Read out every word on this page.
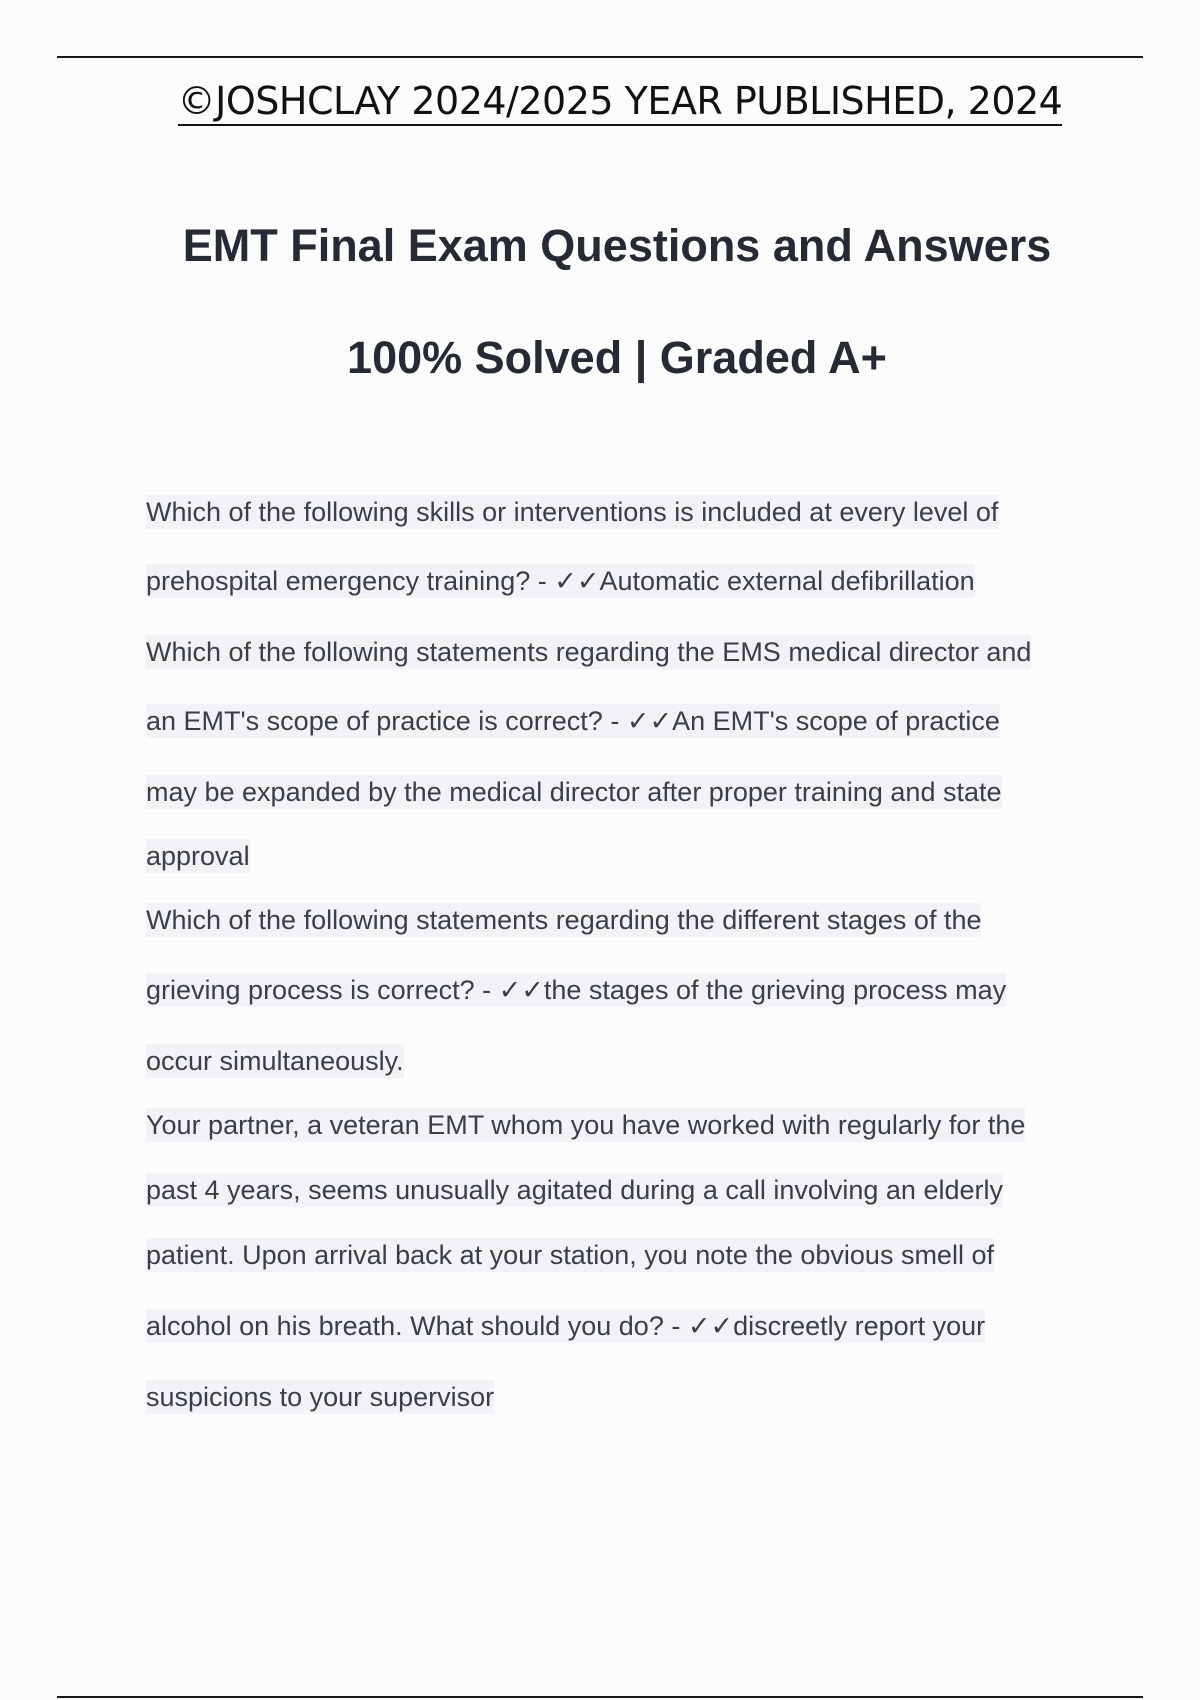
©JOSHCLAY 2024/2025 YEAR PUBLISHED, 2024
EMT Final Exam Questions and Answers
100% Solved | Graded A+
Which of the following skills or interventions is included at every level of
prehospital emergency training? - ✓✓Automatic external defibrillation
Which of the following statements regarding the EMS medical director and
an EMT's scope of practice is correct? - ✓✓An EMT's scope of practice
may be expanded by the medical director after proper training and state
approval
Which of the following statements regarding the different stages of the
grieving process is correct? - ✓✓the stages of the grieving process may
occur simultaneously.
Your partner, a veteran EMT whom you have worked with regularly for the
past 4 years, seems unusually agitated during a call involving an elderly
patient. Upon arrival back at your station, you note the obvious smell of
alcohol on his breath. What should you do? - ✓✓discreetly report your
suspicions to your supervisor
